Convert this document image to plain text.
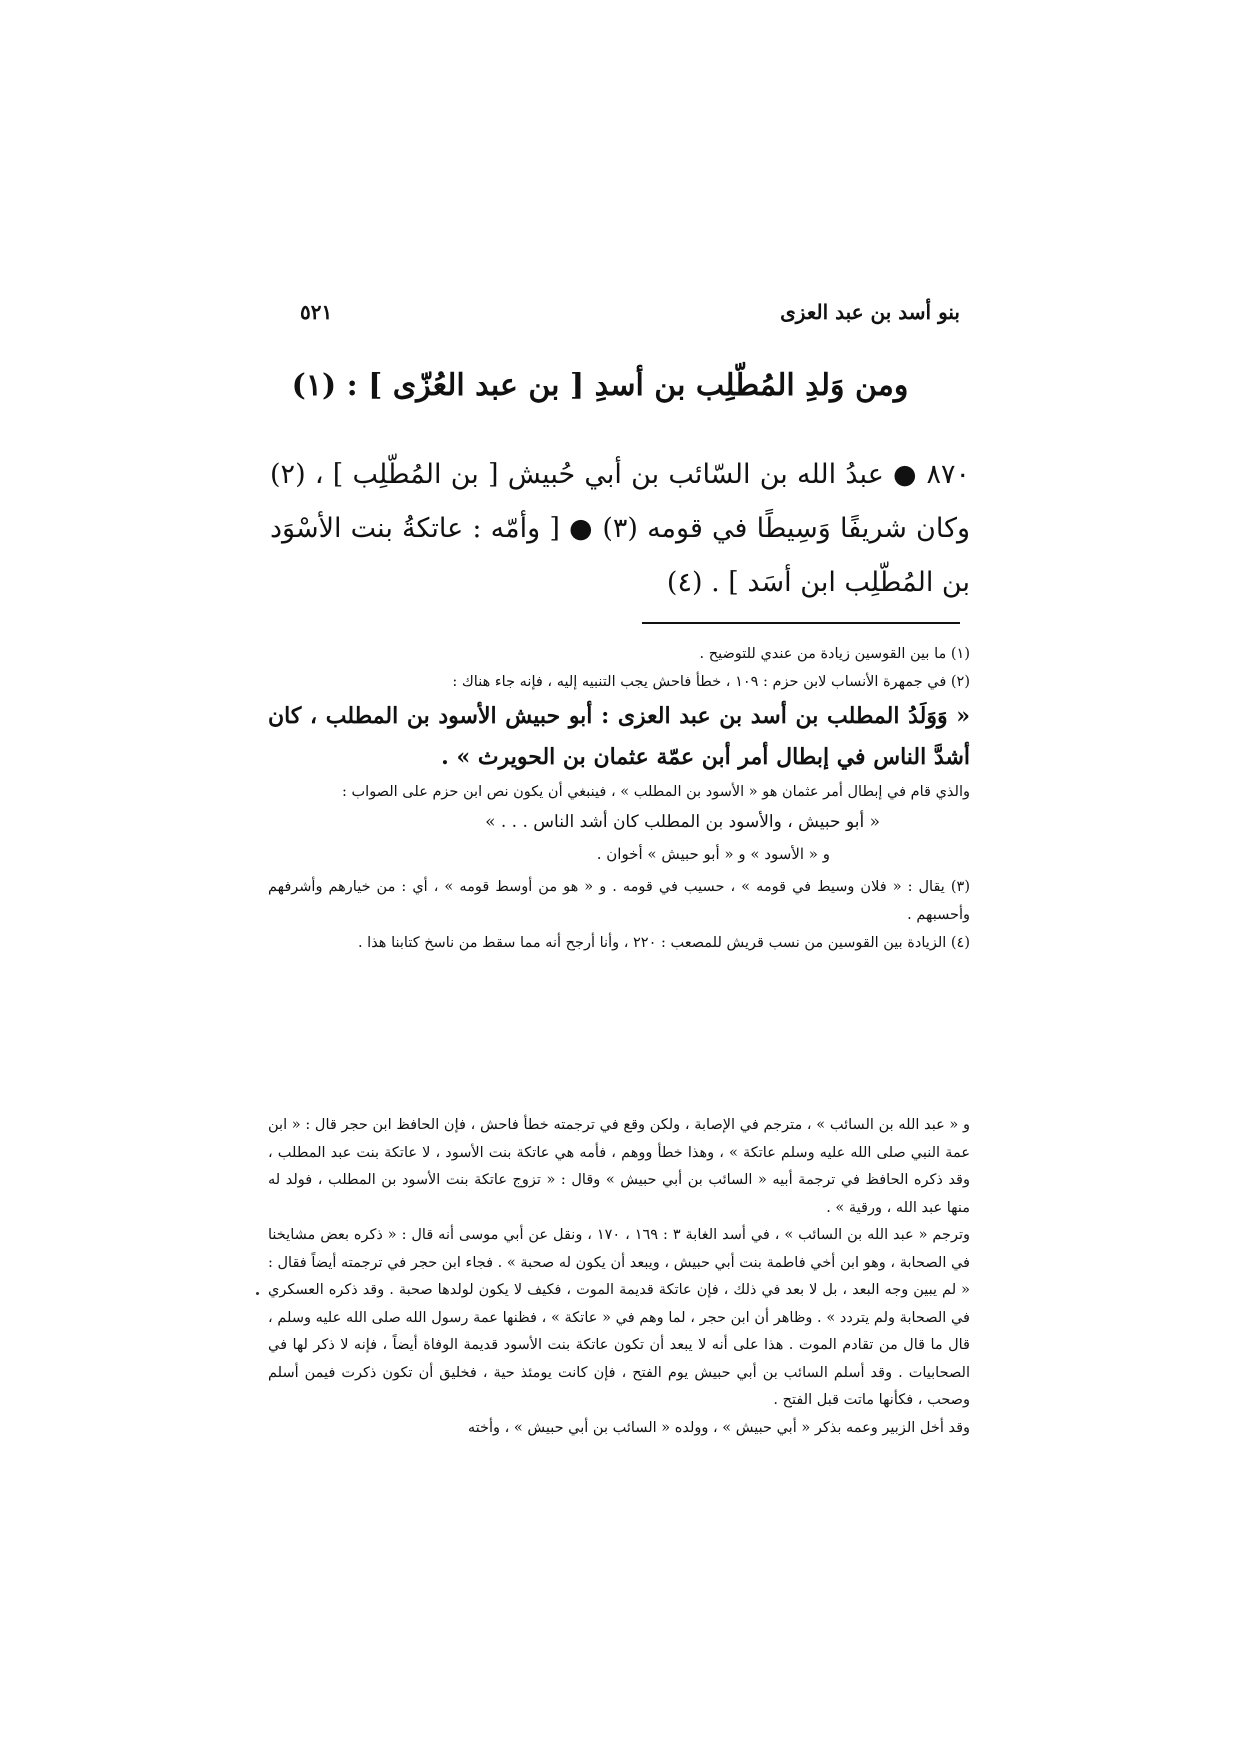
بنو أسد بن عبد العزى
٥٢١
ومن وَلدِ المُطّلِب بن أسدِ [ بن عبد العُزّى ] : (١)

٨٧٠ ● عبدُ الله بن السّائب بن أبي حُبيش [ بن المُطّلِب ] ، (٢) وكان شريفًا وَسِيطًا في قومه (٣) ● [ وأمّه : عاتكةُ بنت الأسْوَد بن المُطّلِب ابن أسَد ] . (٤)

(١) ما بين القوسين زيادة من عندي للتوضيح .

(٢) في جمهرة الأنساب لابن حزم : ١٠٩ ، خطأ فاحش يجب التنبيه إليه ، فإنه جاء هناك :

« وَوَلَدُ المطلب بن أسد بن عبد العزى : أبو حبيش الأسود بن المطلب ، كان أشدَّ الناس في إبطال أمر أبن عمّة عثمان بن الحويرث » .

والذي قام في إبطال أمر عثمان هو « الأسود بن المطلب » ، فينبغي أن يكون نص ابن حزم على الصواب :

« أبو حبيش ، والأسود بن المطلب كان أشد الناس . . . »

و « الأسود » و « أبو حبيش » أخوان .

(٣) يقال : « فلان وسيط في قومه » ، حسيب في قومه . و « هو من أوسط قومه » ، أي : من خيارهم وأشرفهم وأحسبهم .

(٤) الزيادة بين القوسين من نسب قريش للمصعب : ٢٢٠ ، وأنا أرجح أنه مما سقط من ناسخ كتابنا هذا .

و « عبد الله بن السائب » ، مترجم في الإصابة ، ولكن وقع في ترجمته خطأ فاحش ، فإن الحافظ ابن حجر قال : « ابن عمة النبي صلى الله عليه وسلم عاتكة » ، وهذا خطأ ووهم ، فأمه هي عاتكة بنت الأسود ، لا عاتكة بنت عبد المطلب ، وقد ذكره الحافظ في ترجمة أبيه « السائب بن أبي حبيش » وقال : « تزوج عاتكة بنت الأسود بن المطلب ، فولد له منها عبد الله ، ورقية » .

وترجم « عبد الله بن السائب » ، في أسد الغابة ٣ : ١٦٩ ، ١٧٠ ، ونقل عن أبي موسى أنه قال : « ذكره بعض مشايخنا في الصحابة ، وهو ابن أخي فاطمة بنت أبي حبيش ، ويبعد أن يكون له صحبة » . فجاء ابن حجر في ترجمته أيضاً فقال : « لم يبين وجه البعد ، بل لا بعد في ذلك ، فإن عاتكة قديمة الموت ، فكيف لا يكون لولدها صحبة . وقد ذكره العسكري في الصحابة ولم يتردد » . وظاهر أن ابن حجر ، لما وهم في « عاتكة » ، فظنها عمة رسول الله صلى الله عليه وسلم ، قال ما قال من تقادم الموت . هذا على أنه لا يبعد أن تكون عاتكة بنت الأسود قديمة الوفاة أيضاً ، فإنه لا ذكر لها في الصحابيات . وقد أسلم السائب بن أبي حبيش يوم الفتح ، فإن كانت يومئذ حية ، فخليق أن تكون ذكرت فيمن أسلم وصحب ، فكأنها ماتت قبل الفتح .

وقد أخل الزبير وعمه بذكر « أبي حبيش » ، وولده « السائب بن أبي حبيش » ، وأخته
